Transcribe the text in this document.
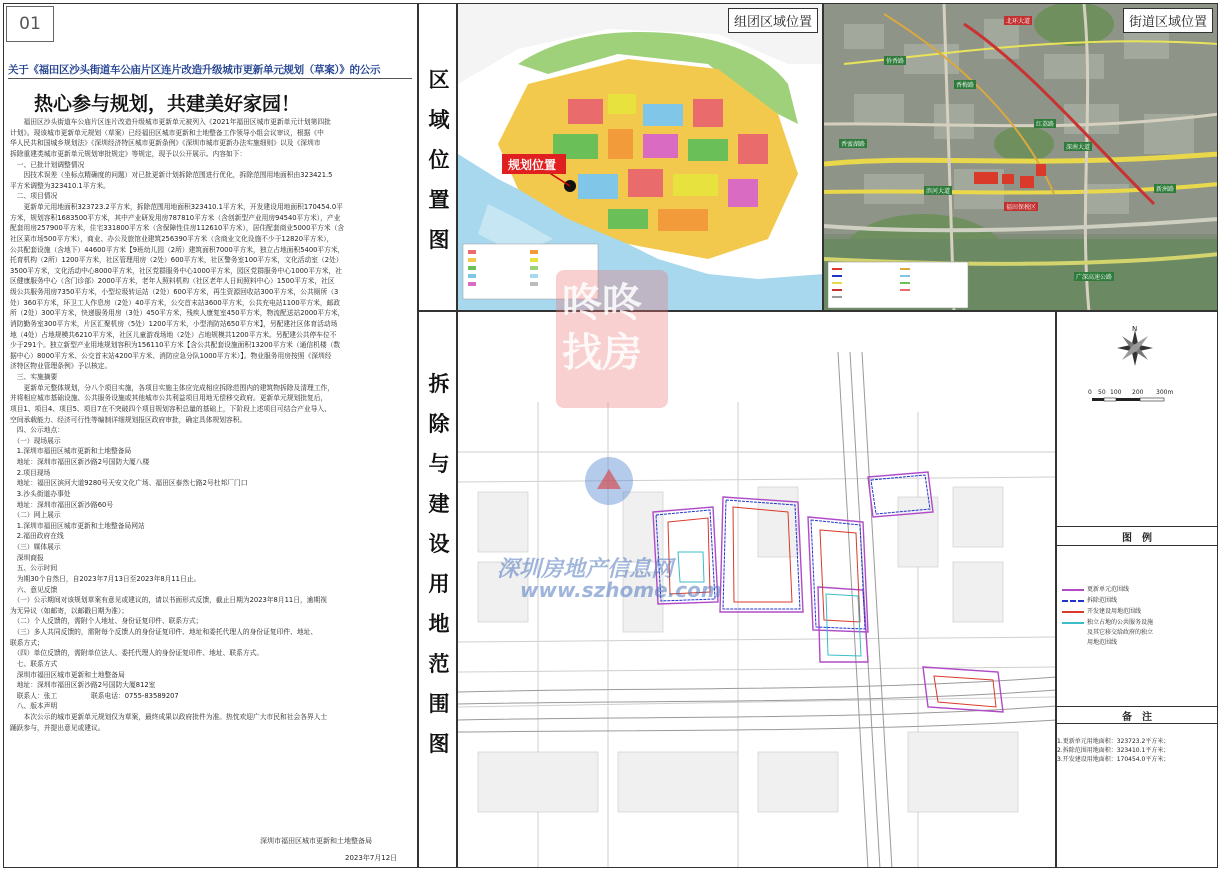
01
关于《福田区沙头街道车公庙片区连片改造升级城市更新单元规划（草案）》的公示
热心参与规划，共建美好家园！
　　福田区沙头街道车公庙片区连片改造升级城市更新单元被列入《2021年福田区城市更新单元计划第四批
计划》。现该城市更新单元规划（草案）已经福田区城市更新和土地整备工作领导小组会议审议，根据《中
华人民共和国城乡规划法》《深圳经济特区城市更新条例》《深圳市城市更新办法实施细则》以及《深圳市
拆除重建类城市更新单元规划审批规定》等规定，现予以公开展示。内容如下：
　一、已批计划调整情况
　　因技术误差（坐标点精确度的问题）对已批更新计划拆除范围进行优化，拆除范围用地面积由323421.5
平方米调整为323410.1平方米。
　二、项目情况
　　更新单元用地面积323723.2平方米，拆除范围用地面积323410.1平方米，开发建设用地面积170454.0平
方米，规划容积1683500平方米，其中产业研发用房787810平方米（含创新型产业用房94540平方米），产业
配套用房257900平方米，住宅331800平方米（含保障性住房112610平方米），居住配套商业5000平方米（含
社区菜市场500平方米），商业、办公及旅馆业建筑256390平方米（含商业文化设施不少于12820平方米），
公共配套设施（含地下）44600平方米【9班幼儿园（2所）建筑面积7000平方米，独立占地面积5400平方米，
托育机构（2所）1200平方米，社区管理用房（2处）600平方米，社区警务室100平方米，文化活动室（2处）
3500平方米，文化活动中心8000平方米，社区党群服务中心1000平方米，园区党群服务中心1000平方米，社
区健康服务中心（含门诊部）2000平方米，老年人照料机构（社区老年人日间照料中心）1500平方米，社区
级公共服务用房7350平方米，小型垃圾转运站（2处）600平方米，再生资源回收站300平方米，公共厕所（3
处）360平方米，环卫工人作息房（2处）40平方米，公交首末站3600平方米，公共充电站1100平方米，邮政
所（2处）300平方米，快递服务用房（3处）450平方米，残疾人康复室450平方米，物流配送站2000平方米，
消防勤务室300平方米，片区汇聚机房（5处）1200平方米，小型消防站650平方米】，另配建社区体育活动场
地（4处）占地规模共6210平方米，社区儿童游戏场地（2处）占地规模共1200平方米。另配建公共停车位不
少于291个。独立新型产业用地规划容积为156110平方米【含公共配套设施面积13200平方米（通信机楼（数
据中心）8000平方米、公交首末站4200平方米、消防应急分队1000平方米）】。物业服务用房按照《深圳经
济特区物业管理条例》予以核定。
　三、实施摘要
　　更新单元整体规划，分八个项目实施，各项目实施主体应完成相应拆除范围内的建筑物拆除及清理工作，
并将相应城市基础设施、公共服务设施或其他城市公共利益项目用地无偿移交政府。更新单元规划批复后，
项目1、项目4、项目5、项目7在不突破四个项目规划容积总量的基础上，下阶段上述项目可结合产业导入、
空间承载能力、经济可行性等编制详细规划报区政府审批，确定具体规划容积。
　四、公示地点：
　（一）现场展示
　1.深圳市福田区城市更新和土地整备局
　地址：深圳市福田区新沙路2号国防大厦八楼
　2.项目现场
　地址：福田区滨河大道9280号天安文化广场、福田区泰然七路2号杜邦厂门口
　3.沙头街道办事处
　地址：深圳市福田区新沙路60号
　（二）网上展示
　1.深圳市福田区城市更新和土地整备局网站
　2.福田政府在线
　（三）媒体展示
　深圳商报
　五、公示时间
　为期30个自然日，自2023年7月13日至2023年8月11日止。
　六、意见反馈
　（一）公示期间对该规划草案有意见或建议的，请以书面形式反馈，截止日期为2023年8月11日，逾期视
为无异议（如邮寄，以邮戳日期为准）；
　（二）个人反馈的，需附个人地址、身份证复印件、联系方式；
　（三）多人共同反馈的，需附每个反馈人的身份证复印件、地址和委托代理人的身份证复印件、地址、
联系方式；
　（四）单位反馈的，需附单位法人、委托代理人的身份证复印件、地址、联系方式。
　七、联系方式
　深圳市福田区城市更新和土地整备局
　地址：深圳市福田区新沙路2号国防大厦812室
　联系人：张工　　　　　联系电话：0755-83589207
　八、版本声明
　　本次公示的城市更新单元规划仅为草案，最终成果以政府批件为准。热忱欢迎广大市民和社会各界人士
踊跃参与，并提出意见或建议。
深圳市福田区城市更新和土地整备局
2023年7月12日
区
域
位
置
图
拆
除
与
建
设
用
地
范
围
图
规划位置
组团区域位置	北环大道
侨香路
香梅路
红荔路
深南大道
滨河大道
香蜜湖路
广深高速公路
新洲路
福田保税区
街道区域位置
N
0 50 100 200 300m
图　例
更新单元范围线
拆除范围线
开发建设用地范围线
独立占地的公共服务设施
及其它移交给政府的独立
用地范围线
备　注
1.更新单元用地面积：323723.2平方米；
2.拆除范围用地面积：323410.1平方米；
3.开发建设用地面积：170454.0平方米；
咚咚
找房
深圳房地产信息网
www.szhome.com
